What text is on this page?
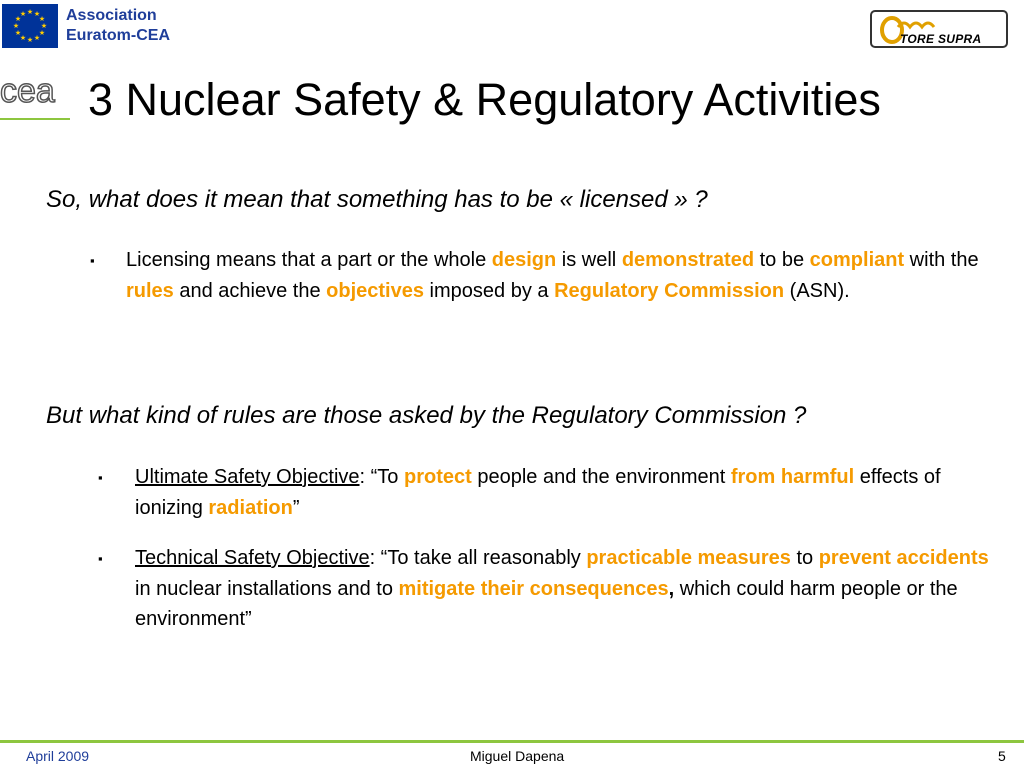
★ ★
★
★
★
★
★
★
★
★
★
★ Association
Euratom-CEA	TORE SUPRA
cea 3 Nuclear Safety & Regulatory Activities
So, what does it mean that something has to be « licensed » ?
▪ Licensing means that a part or the whole design is well demonstrated to be compliant with the rules and achieve the objectives imposed by a Regulatory Commission (ASN).
But what kind of rules are those asked by the Regulatory Commission ?
▪ Ultimate Safety Objective: “To protect people and the environment from harmful effects of ionizing radiation”
▪ Technical Safety Objective: “To take all reasonably practicable measures to prevent accidents in nuclear installations and to mitigate their consequences, which could harm people or the environment”
April 2009	Miguel Dapena	5
